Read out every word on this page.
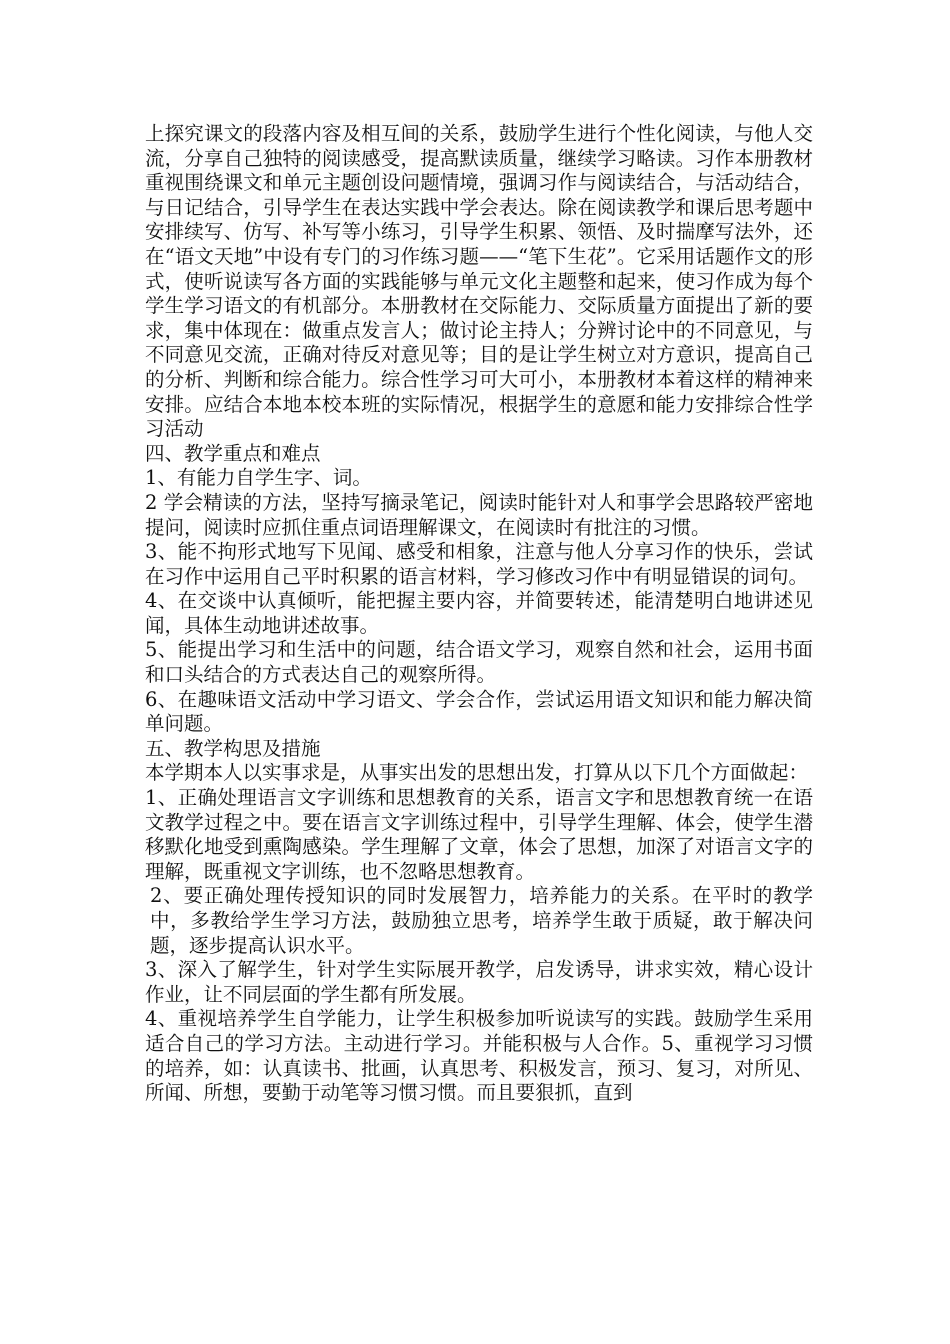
上探究课文的段落内容及相互间的关系，鼓励学生进行个性化阅读，与他人交流，分享自己独特的阅读感受，提高默读质量，继续学习略读。习作本册教材重视围绕课文和单元主题创设问题情境，强调习作与阅读结合，与活动结合，与日记结合，引导学生在表达实践中学会表达。除在阅读教学和课后思考题中安排续写、仿写、补写等小练习，引导学生积累、领悟、及时揣摩写法外，还在“语文天地”中设有专门的习作练习题——“笔下生花”。它采用话题作文的形式，使听说读写各方面的实践能够与单元文化主题整和起来，使习作成为每个学生学习语文的有机部分。本册教材在交际能力、交际质量方面提出了新的要求，集中体现在：做重点发言人；做讨论主持人；分辨讨论中的不同意见，与不同意见交流，正确对待反对意见等；目的是让学生树立对方意识，提高自己的分析、判断和综合能力。综合性学习可大可小，本册教材本着这样的精神来安排。应结合本地本校本班的实际情况，根据学生的意愿和能力安排综合性学习活动

四、教学重点和难点

1、有能力自学生字、词。

2 学会精读的方法，坚持写摘录笔记，阅读时能针对人和事学会思路较严密地提问，阅读时应抓住重点词语理解课文，在阅读时有批注的习惯。

3、能不拘形式地写下见闻、感受和相象，注意与他人分享习作的快乐，尝试在习作中运用自己平时积累的语言材料，学习修改习作中有明显错误的词句。

4、在交谈中认真倾听，能把握主要内容，并简要转述，能清楚明白地讲述见闻，具体生动地讲述故事。

5、能提出学习和生活中的问题，结合语文学习，观察自然和社会，运用书面和口头结合的方式表达自己的观察所得。

6、在趣味语文活动中学习语文、学会合作，尝试运用语文知识和能力解决简单问题。

五、教学构思及措施

本学期本人以实事求是，从事实出发的思想出发，打算从以下几个方面做起：

1、正确处理语言文字训练和思想教育的关系，语言文字和思想教育统一在语文教学过程之中。要在语言文字训练过程中，引导学生理解、体会，使学生潜移默化地受到熏陶感染。学生理解了文章，体会了思想，加深了对语言文字的理解，既重视文字训练，也不忽略思想教育。

2、要正确处理传授知识的同时发展智力，培养能力的关系。在平时的教学中，多教给学生学习方法，鼓励独立思考，培养学生敢于质疑，敢于解决问题，逐步提高认识水平。

3、深入了解学生，针对学生实际展开教学，启发诱导，讲求实效，精心设计作业，让不同层面的学生都有所发展。

4、重视培养学生自学能力，让学生积极参加听说读写的实践。鼓励学生采用适合自己的学习方法。主动进行学习。并能积极与人合作。5、重视学习习惯的培养，如：认真读书、批画，认真思考、积极发言，预习、复习，对所见、所闻、所想，要勤于动笔等习惯习惯。而且要狠抓，直到
